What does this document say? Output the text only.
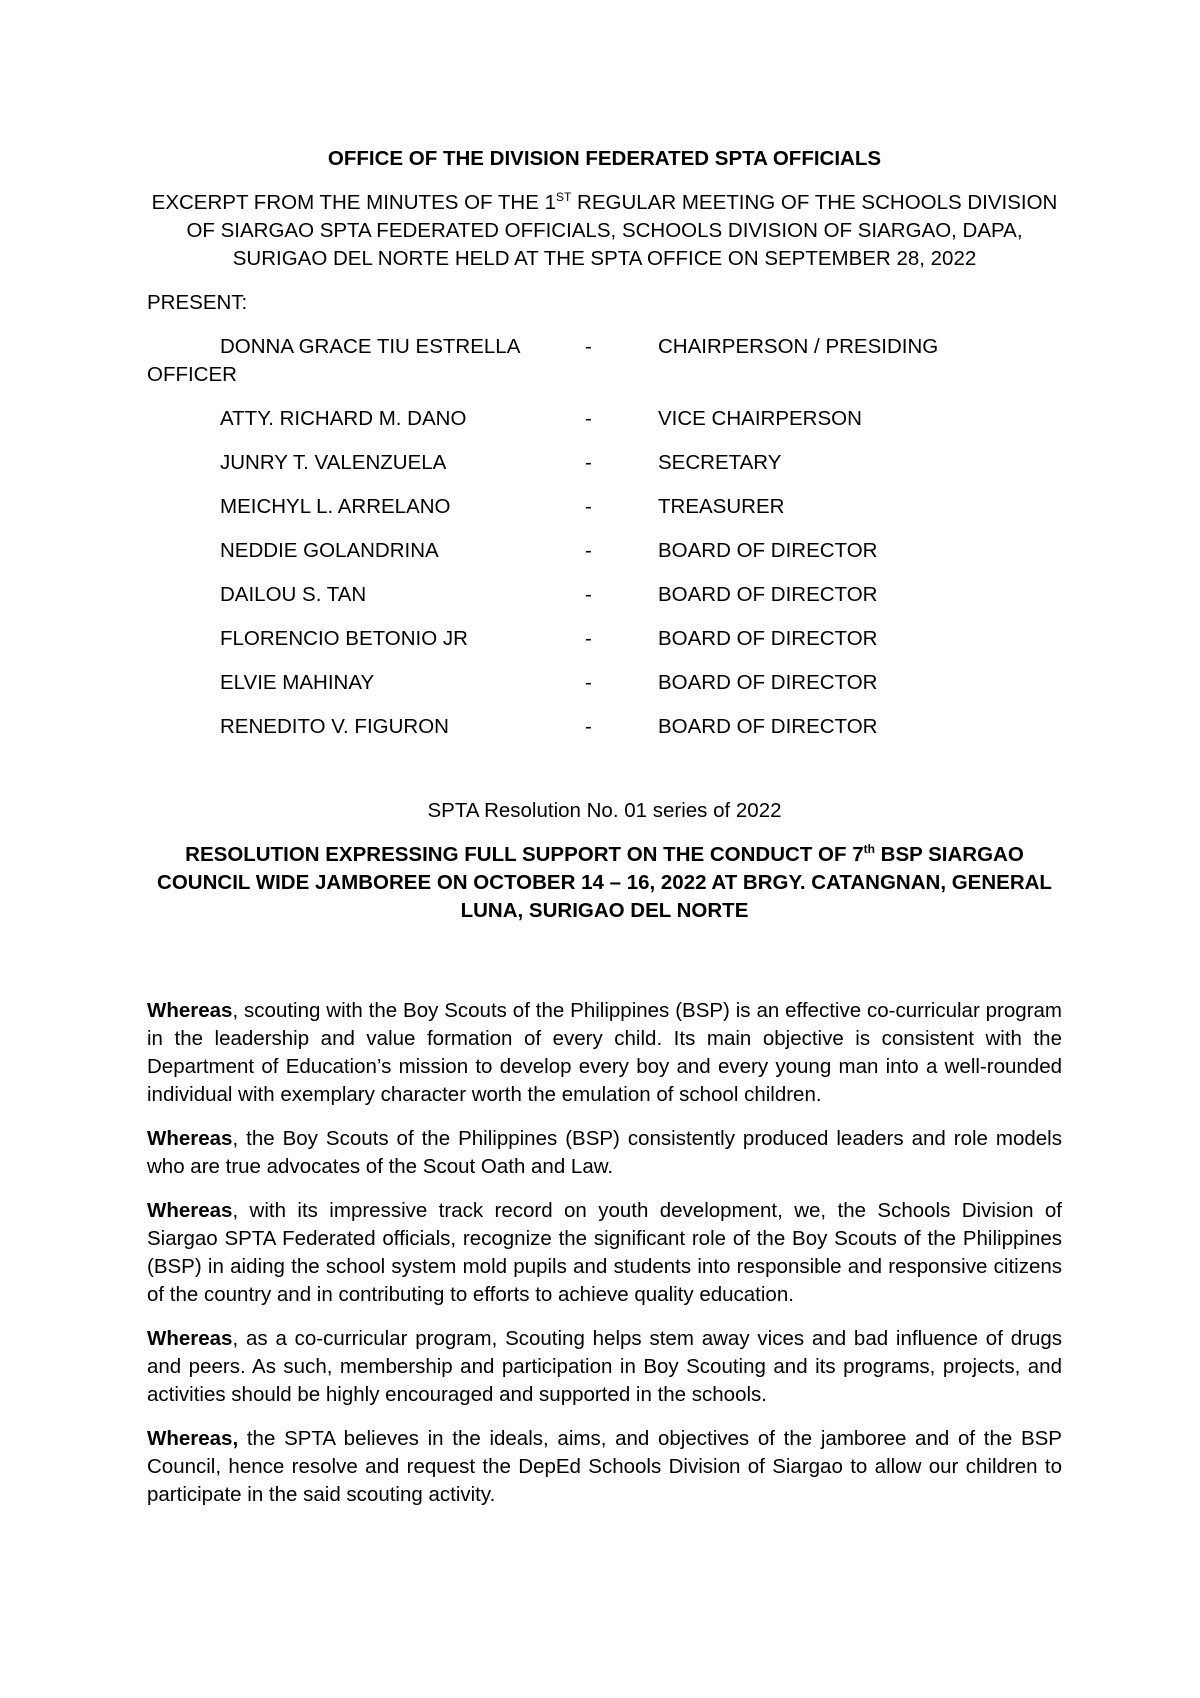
OFFICE OF THE DIVISION FEDERATED SPTA OFFICIALS

EXCERPT FROM THE MINUTES OF THE 1ST REGULAR MEETING OF THE SCHOOLS DIVISION OF SIARGAO SPTA FEDERATED OFFICIALS, SCHOOLS DIVISION OF SIARGAO, DAPA, SURIGAO DEL NORTE HELD AT THE SPTA OFFICE ON SEPTEMBER 28, 2022

PRESENT:

DONNA GRACE TIU ESTRELLA	-	CHAIRPERSON / PRESIDING
OFFICER
ATTY. RICHARD M. DANO	-	VICE CHAIRPERSON
JUNRY T. VALENZUELA	-	SECRETARY
MEICHYL L. ARRELANO	-	TREASURER
NEDDIE GOLANDRINA	-	BOARD OF DIRECTOR
DAILOU S. TAN	-	BOARD OF DIRECTOR
FLORENCIO BETONIO JR	-	BOARD OF DIRECTOR
ELVIE MAHINAY	-	BOARD OF DIRECTOR
RENEDITO V. FIGURON	-	BOARD OF DIRECTOR

SPTA Resolution No. 01 series of 2022

RESOLUTION EXPRESSING FULL SUPPORT ON THE CONDUCT OF 7th BSP SIARGAO COUNCIL WIDE JAMBOREE ON OCTOBER 14 – 16, 2022 AT BRGY. CATANGNAN, GENERAL LUNA, SURIGAO DEL NORTE

Whereas, scouting with the Boy Scouts of the Philippines (BSP) is an effective co-curricular program in the leadership and value formation of every child. Its main objective is consistent with the Department of Education’s mission to develop every boy and every young man into a well-rounded individual with exemplary character worth the emulation of school children.

Whereas, the Boy Scouts of the Philippines (BSP) consistently produced leaders and role models who are true advocates of the Scout Oath and Law.

Whereas, with its impressive track record on youth development, we, the Schools Division of Siargao SPTA Federated officials, recognize the significant role of the Boy Scouts of the Philippines (BSP) in aiding the school system mold pupils and students into responsible and responsive citizens of the country and in contributing to efforts to achieve quality education.

Whereas, as a co-curricular program, Scouting helps stem away vices and bad influence of drugs and peers. As such, membership and participation in Boy Scouting and its programs, projects, and activities should be highly encouraged and supported in the schools.

Whereas, the SPTA believes in the ideals, aims, and objectives of the jamboree and of the BSP Council, hence resolve and request the DepEd Schools Division of Siargao to allow our children to participate in the said scouting activity.
